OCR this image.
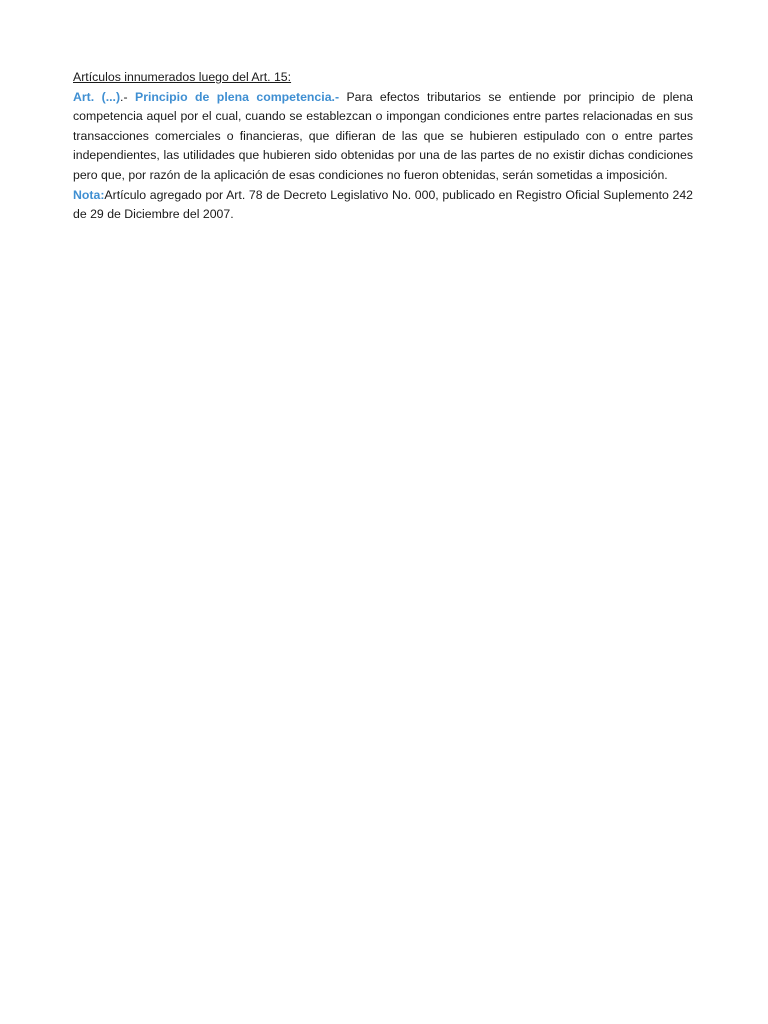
Artículos innumerados luego del Art. 15:

Art. (...).- Principio de plena competencia.- Para efectos tributarios se entiende por principio de plena competencia aquel por el cual, cuando se establezcan o impongan condiciones entre partes relacionadas en sus transacciones comerciales o financieras, que difieran de las que se hubieren estipulado con o entre partes independientes, las utilidades que hubieren sido obtenidas por una de las partes de no existir dichas condiciones pero que, por razón de la aplicación de esas condiciones no fueron obtenidas, serán sometidas a imposición.

Nota:Artículo agregado por Art. 78 de Decreto Legislativo No. 000, publicado en Registro Oficial Suplemento 242 de 29 de Diciembre del 2007.
